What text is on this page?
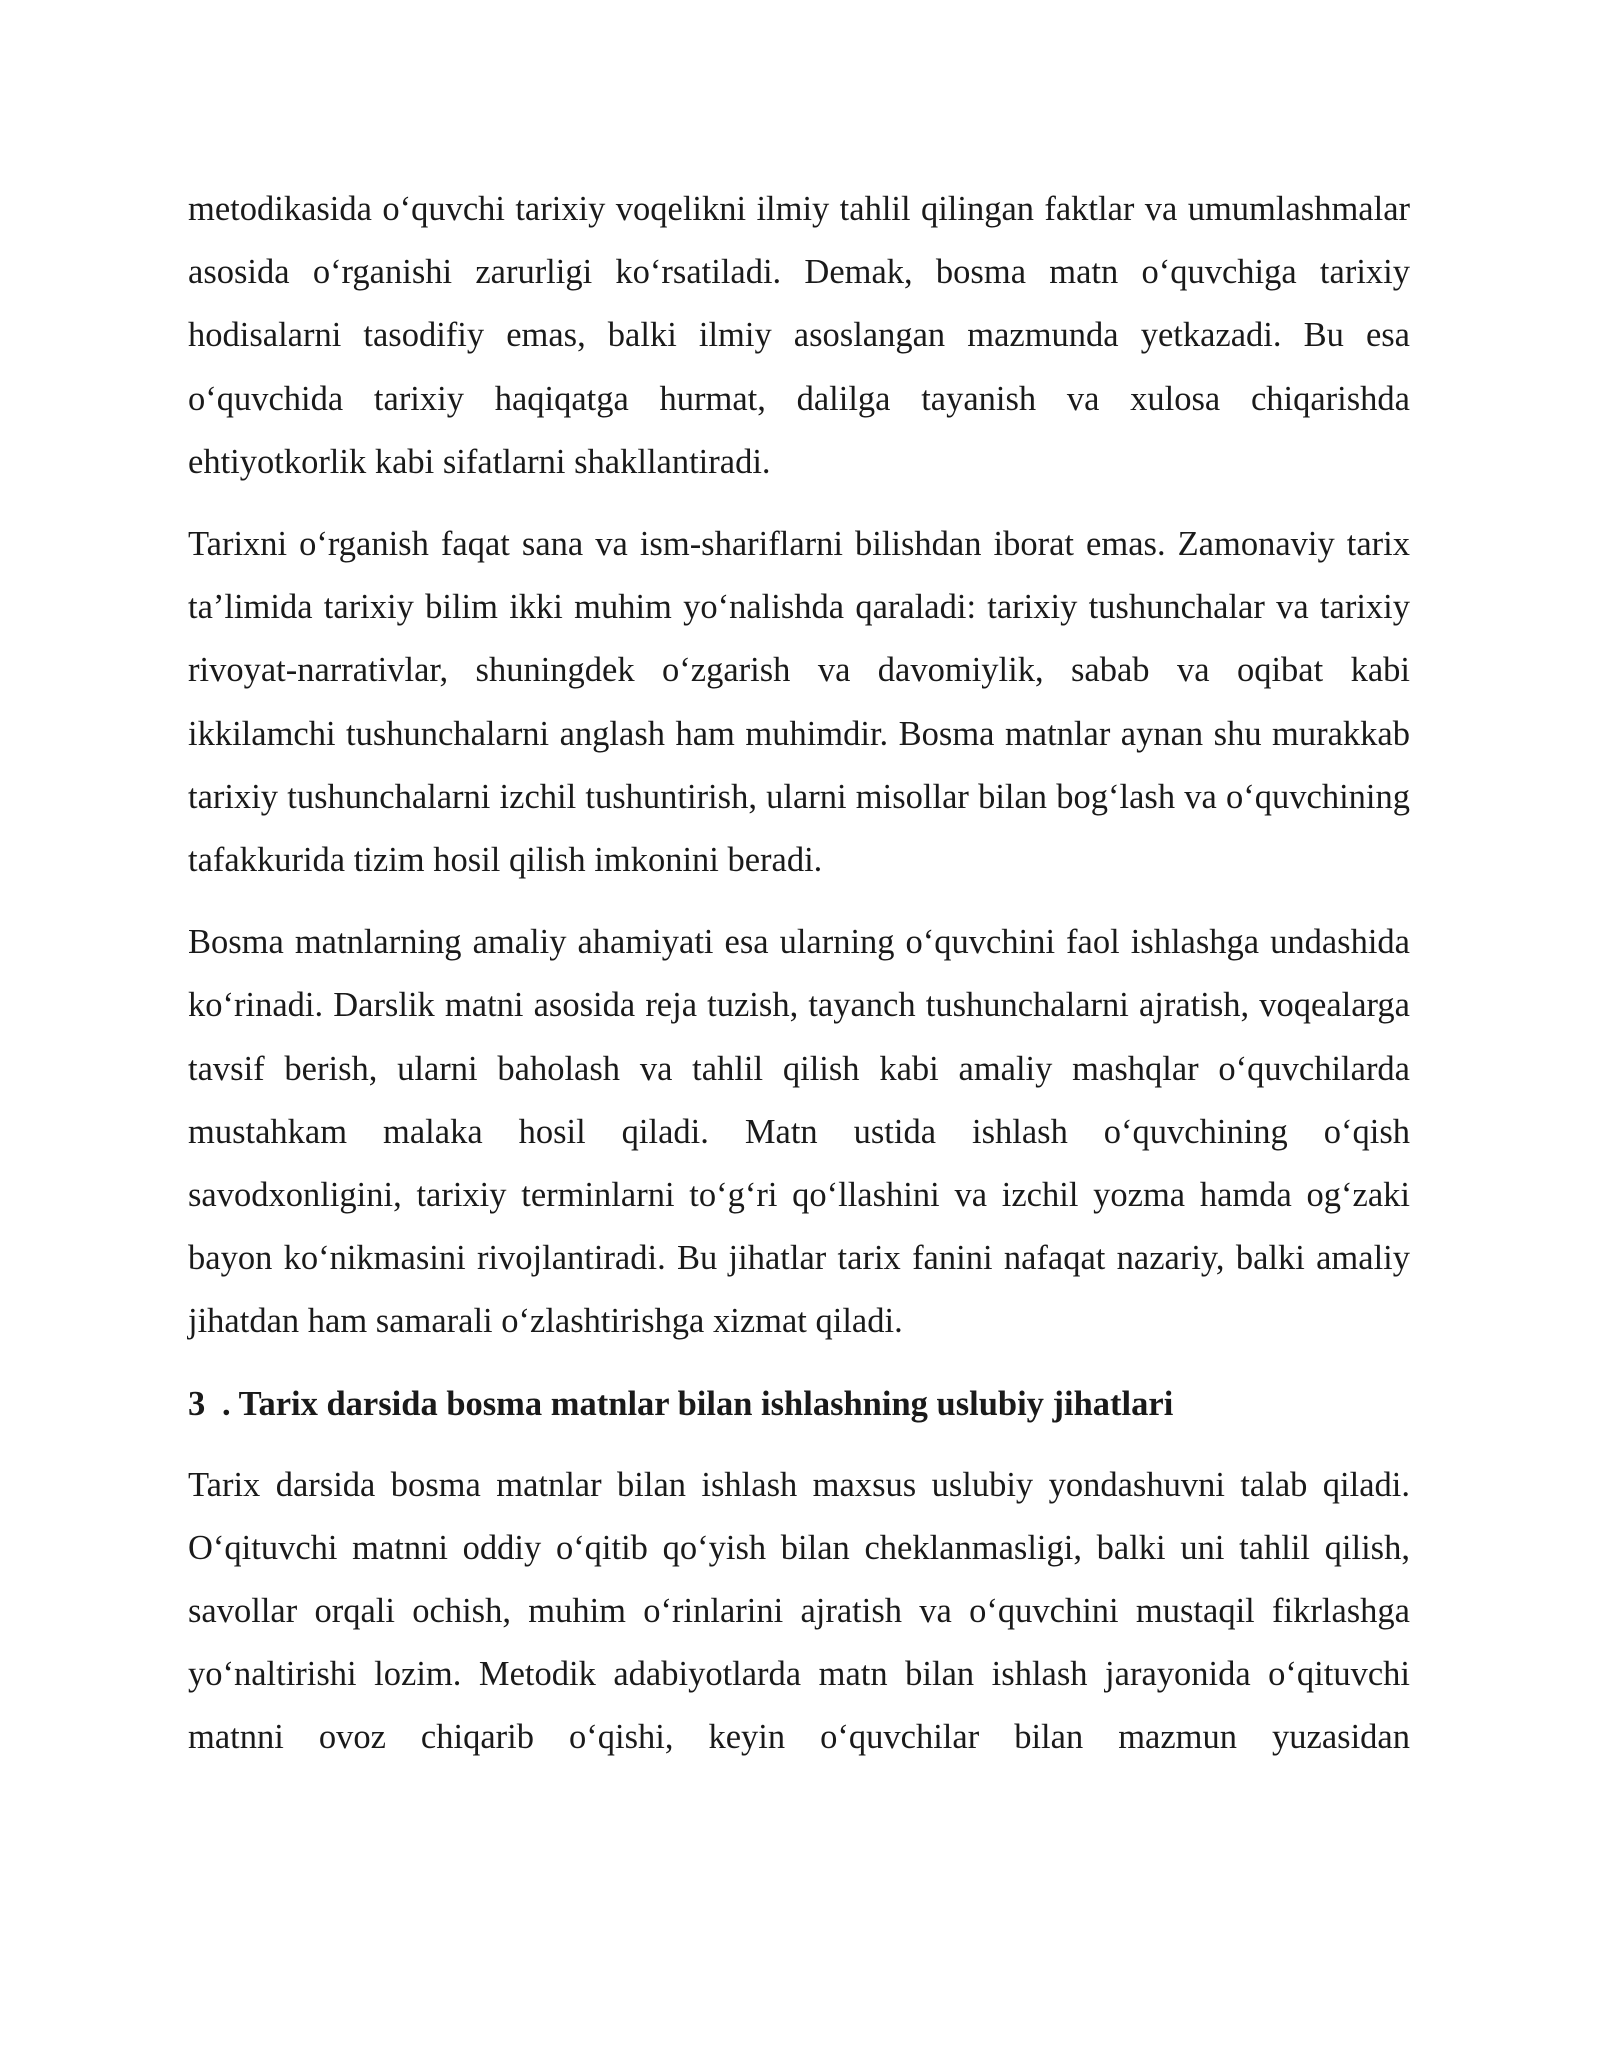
metodikasida o‘quvchi tarixiy voqelikni ilmiy tahlil qilingan faktlar va umumlashmalar asosida o‘rganishi zarurligi ko‘rsatiladi. Demak, bosma matn o‘quvchiga tarixiy hodisalarni tasodifiy emas, balki ilmiy asoslangan mazmunda yetkazadi. Bu esa o‘quvchida tarixiy haqiqatga hurmat, dalilga tayanish va xulosa chiqarishda ehtiyotkorlik kabi sifatlarni shakllantiradi.

Tarixni o‘rganish faqat sana va ism-shariflarni bilishdan iborat emas. Zamonaviy tarix ta’limida tarixiy bilim ikki muhim yo‘nalishda qaraladi: tarixiy tushunchalar va tarixiy rivoyat-narrativlar, shuningdek o‘zgarish va davomiylik, sabab va oqibat kabi ikkilamchi tushunchalarni anglash ham muhimdir. Bosma matnlar aynan shu murakkab tarixiy tushunchalarni izchil tushuntirish, ularni misollar bilan bog‘lash va o‘quvchining tafakkurida tizim hosil qilish imkonini beradi.

Bosma matnlarning amaliy ahamiyati esa ularning o‘quvchini faol ishlashga undashida ko‘rinadi. Darslik matni asosida reja tuzish, tayanch tushunchalarni ajratish, voqealarga tavsif berish, ularni baholash va tahlil qilish kabi amaliy mashqlar o‘quvchilarda mustahkam malaka hosil qiladi. Matn ustida ishlash o‘quvchining o‘qish savodxonligini, tarixiy terminlarni to‘g‘ri qo‘llashini va izchil yozma hamda og‘zaki bayon ko‘nikmasini rivojlantiradi. Bu jihatlar tarix fanini nafaqat nazariy, balki amaliy jihatdan ham samarali o‘zlashtirishga xizmat qiladi.

3 . Tarix darsida bosma matnlar bilan ishlashning uslubiy jihatlari

Tarix darsida bosma matnlar bilan ishlash maxsus uslubiy yondashuvni talab qiladi. O‘qituvchi matnni oddiy o‘qitib qo‘yish bilan cheklanmasligi, balki uni tahlil qilish, savollar orqali ochish, muhim o‘rinlarini ajratish va o‘quvchini mustaqil fikrlashga yo‘naltirishi lozim. Metodik adabiyotlarda matn bilan ishlash jarayonida o‘qituvchi matnni ovoz chiqarib o‘qishi, keyin o‘quvchilar bilan mazmun yuzasidan
